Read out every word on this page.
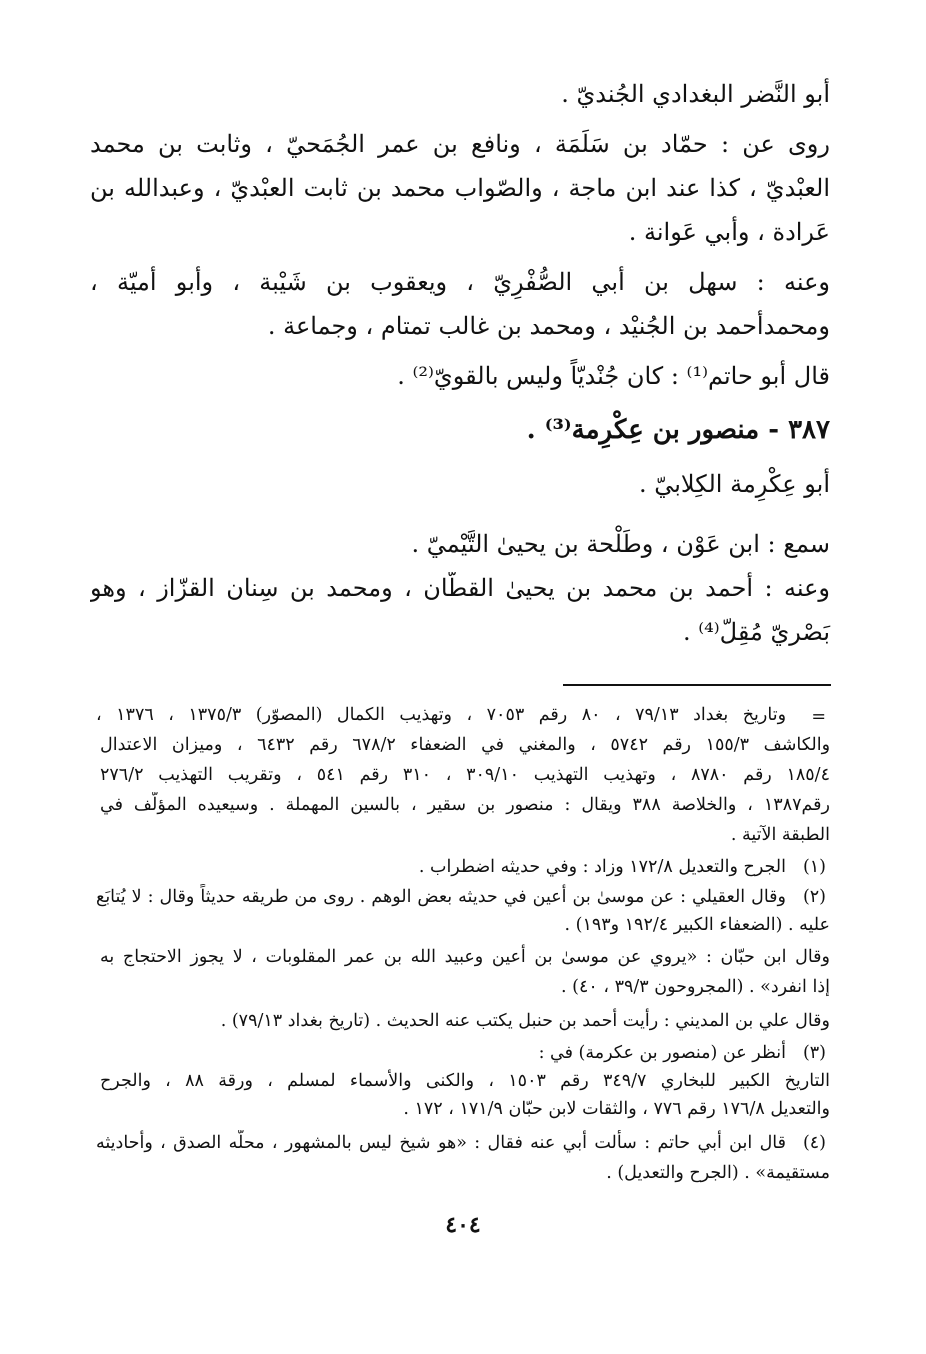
أبو النَّضر البغدادي الجُنديّ .
روى عن : حمّاد بن سَلَمَة ، ونافع بن عمر الجُمَحيّ ، وثابت بن محمد
العبْديّ ، كذا عند ابن ماجة ، والصّواب محمد بن ثابت العبْديّ ، وعبدالله بن
عَرادة ، وأبي عَوانة .
وعنه : سهل بن أبي الصُّفْرِيّ ، ويعقوب بن شَيْبة ، وأبو أُميّة ،
ومحمدأحمد بن الجُنيْد ، ومحمد بن غالب تمتام ، وجماعة .
قال أبو حاتم⁽¹⁾ : كان جُنْديّاً وليس بالقويّ⁽²⁾ .
٣٨٧ - منصور بن عِكْرِمة⁽³⁾ .
أبو عِكْرِمة الكِلابيّ .
سمع : ابن عَوْن ، وطَلْحة بن يحيىٰ التَّيْميّ .
وعنه : أحمد بن محمد بن يحيىٰ القطّان ، ومحمد بن سِنان القزّاز ، وهو
بَصْريّ مُقِلّ⁽⁴⁾ .
=
وتاريخ بغداد ٧٩/١٣ ، ٨٠ رقم ٧٠٥٣ ، وتهذيب الكمال (المصوّر) ١٣٧٥/٣ ، ١٣٧٦ ،
والكاشف ١٥٥/٣ رقم ٥٧٤٢ ، والمغني في الضعفاء ٦٧٨/٢ رقم ٦٤٣٢ ، وميزان الاعتدال
١٨٥/٤ رقم ٨٧٨٠ ، وتهذيب التهذيب ٣٠٩/١٠ ، ٣١٠ رقم ٥٤١ ، وتقريب التهذيب ٢٧٦/٢
رقم١٣٨٧ ، والخلاصة ٣٨٨ ويقال : منصور بن سقير ، بالسين المهملة . وسيعيده المؤلّف في
الطبقة الآتية .
(١)
الجرح والتعديل ١٧٢/٨ وزاد : وفي حديثه اضطراب .
(٢)
وقال العقيلي : عن موسىٰ بن أعين في حديثه بعض الوهم . روى من طريقه حديثاً وقال : لا يُتابَع
عليه . (الضعفاء الكبير ١٩٢/٤ و١٩٣) .
وقال ابن حبّان : «يروي عن موسىٰ بن أعين وعبيد الله بن عمر المقلوبات ، لا يجوز الاحتجاج به
إذا انفرد» . (المجروحون ٣٩/٣ ، ٤٠) .
وقال علي بن المديني : رأيت أحمد بن حنبل يكتب عنه الحديث . (تاريخ بغداد ٧٩/١٣) .
(٣)
أنظر عن (منصور بن عكرمة) في :
التاريخ الكبير للبخاري ٣٤٩/٧ رقم ١٥٠٣ ، والكنى والأسماء لمسلم ، ورقة ٨٨ ، والجرح
والتعديل ١٧٦/٨ رقم ٧٧٦ ، والثقات لابن حبّان ١٧١/٩ ، ١٧٢ .
(٤)
قال ابن أبي حاتم : سألت أبي عنه فقال : «هو شيخ ليس بالمشهور ، محلّه الصدق ، وأحاديثه
مستقيمة» . (الجرح والتعديل) .
٤٠٤
